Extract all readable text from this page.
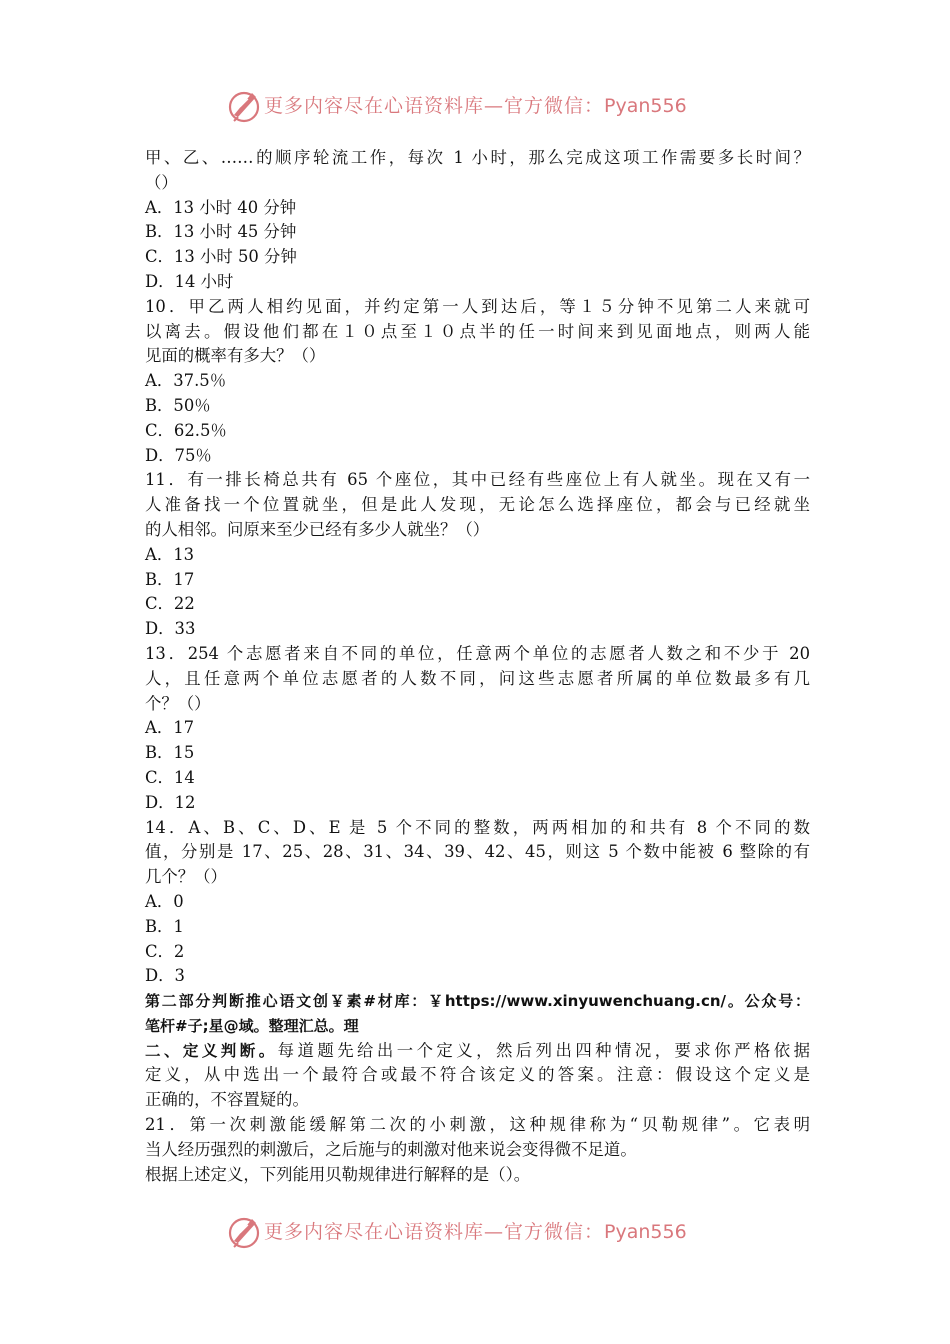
更多内容尽在心语资料库—官方微信：Pyan556
甲、乙、……的顺序轮流工作，每次 1 小时，那么完成这项工作需要多长时间？
（）
A．13 小时 40 分钟
B．13 小时 45 分钟
C．13 小时 50 分钟
D．14 小时
10．甲乙两人相约见面，并约定第一人到达后，等１５分钟不见第二人来就可
以离去。假设他们都在１０点至１０点半的任一时间来到见面地点，则两人能
见面的概率有多大？（）
A．37.5％
B．50％
C．62.5％
D．75％
11．有一排长椅总共有 65 个座位，其中已经有些座位上有人就坐。现在又有一
人准备找一个位置就坐，但是此人发现，无论怎么选择座位，都会与已经就坐
的人相邻。问原来至少已经有多少人就坐？（）
A．13
B．17
C．22
D．33
13．254 个志愿者来自不同的单位，任意两个单位的志愿者人数之和不少于 20
人，且任意两个单位志愿者的人数不同，问这些志愿者所属的单位数最多有几
个？（）
A．17
B．15
C．14
D．12
14．A、B、C、D、E 是 5 个不同的整数，两两相加的和共有 8 个不同的数
值，分别是 17、25、28、31、34、39、42、45，则这 5 个数中能被 6 整除的有
几个？（）
A．0
B．1
C．2
D．3
第二部分判断推心语文创￥素#材库：￥https://www.xinyuwenchuang.cn/。公众号：
笔杆#子;星@域。整理汇总。理
二、定义判断。每道题先给出一个定义，然后列出四种情况，要求你严格依据
定义，从中选出一个最符合或最不符合该定义的答案。注意：假设这个定义是
正确的，不容置疑的。
21．第一次刺激能缓解第二次的小刺激，这种规律称为“贝勒规律”。它表明
当人经历强烈的刺激后，之后施与的刺激对他来说会变得微不足道。
根据上述定义，下列能用贝勒规律进行解释的是（）。
更多内容尽在心语资料库—官方微信：Pyan556
